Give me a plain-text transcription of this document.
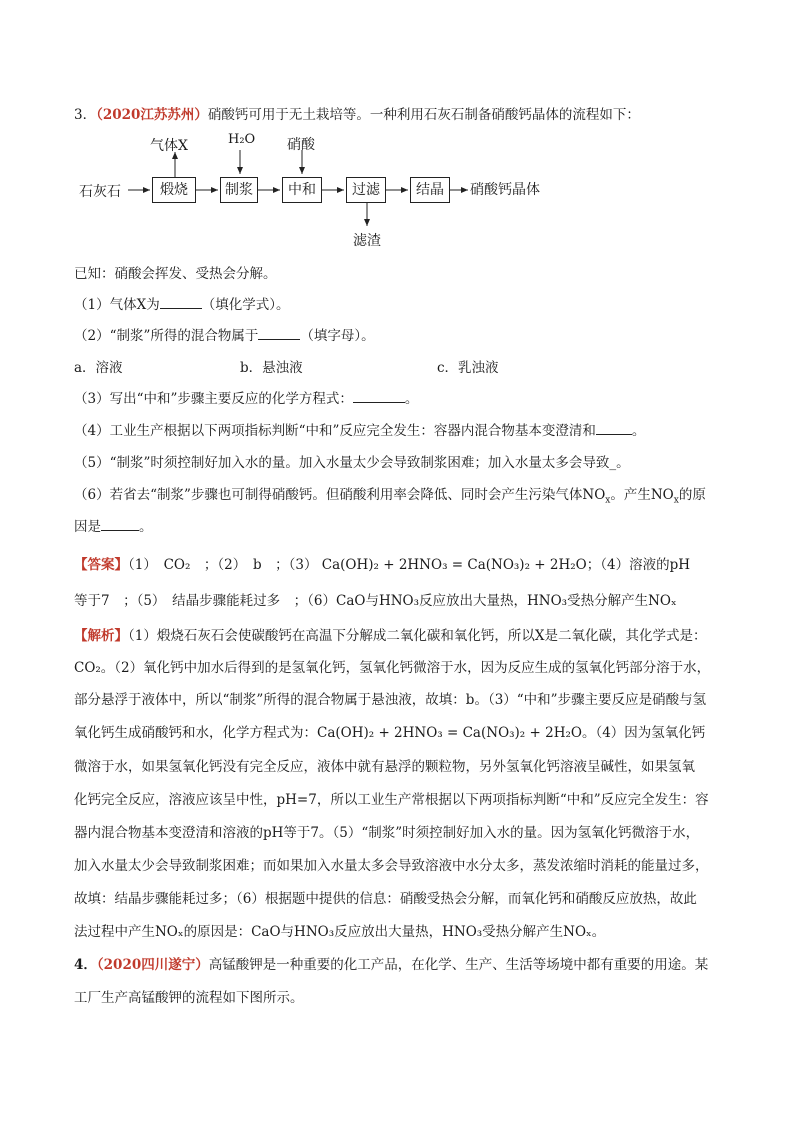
3．（2020江苏苏州）硝酸钙可用于无土栽培等。一种利用石灰石制备硝酸钙晶体的流程如下：
石灰石	煅烧	制浆	中和	过滤	结晶	硝酸钙晶体
气体X	H₂O 硝酸
滤渣
已知：硝酸会挥发、受热会分解。
（1）气体X为	（填化学式）。
（2）“制浆”所得的混合物属于	（填字母）。
a．溶液	b．悬浊液	c．乳浊液
（3）写出“中和”步骤主要反应的化学方程式：	。
（4）工业生产根据以下两项指标判断“中和”反应完全发生：容器内混合物基本变澄清和	。
（5）“制浆”时须控制好加入水的量。加入水量太少会导致制浆困难；加入水量太多会导致_。
（6）若省去“制浆”步骤也可制得硝酸钙。但硝酸利用率会降低、同时会产生污染气体$NO_x$。产生$NO_x$的原
因是	。
【答案】（1）　CO₂　；（2）　b　；（3） Ca(OH)₂ + 2HNO₃ = Ca(NO₃)₂ + 2H₂O；（4）溶液的pH
等于7　；（5）　结晶步骤能耗过多　；（6）CaO与HNO₃反应放出大量热，HNO₃受热分解产生NOₓ
【解析】（1）煅烧石灰石会使碳酸钙在高温下分解成二氧化碳和氧化钙，所以X是二氧化碳，其化学式是：
CO₂。（2）氧化钙中加水后得到的是氢氧化钙，氢氧化钙微溶于水，因为反应生成的氢氧化钙部分溶于水，
部分悬浮于液体中，所以“制浆”所得的混合物属于悬浊液，故填：b。（3）“中和”步骤主要反应是硝酸与氢
氧化钙生成硝酸钙和水，化学方程式为：Ca(OH)₂ + 2HNO₃ = Ca(NO₃)₂ + 2H₂O。（4）因为氢氧化钙
微溶于水，如果氢氧化钙没有完全反应，液体中就有悬浮的颗粒物，另外氢氧化钙溶液呈碱性，如果氢氧
化钙完全反应，溶液应该呈中性，pH=7，所以工业生产常根据以下两项指标判断“中和”反应完全发生：容
器内混合物基本变澄清和溶液的pH等于7。（5）“制浆”时须控制好加入水的量。因为氢氧化钙微溶于水，
加入水量太少会导致制浆困难；而如果加入水量太多会导致溶液中水分太多，蒸发浓缩时消耗的能量过多，
故填：结晶步骤能耗过多；（6）根据题中提供的信息：硝酸受热会分解，而氧化钙和硝酸反应放热，故此
法过程中产生NOₓ的原因是：CaO与HNO₃反应放出大量热，HNO₃受热分解产生NOₓ。
4．（2020四川遂宁）高锰酸钾是一种重要的化工产品，在化学、生产、生活等场境中都有重要的用途。某
工厂生产高锰酸钾的流程如下图所示。
